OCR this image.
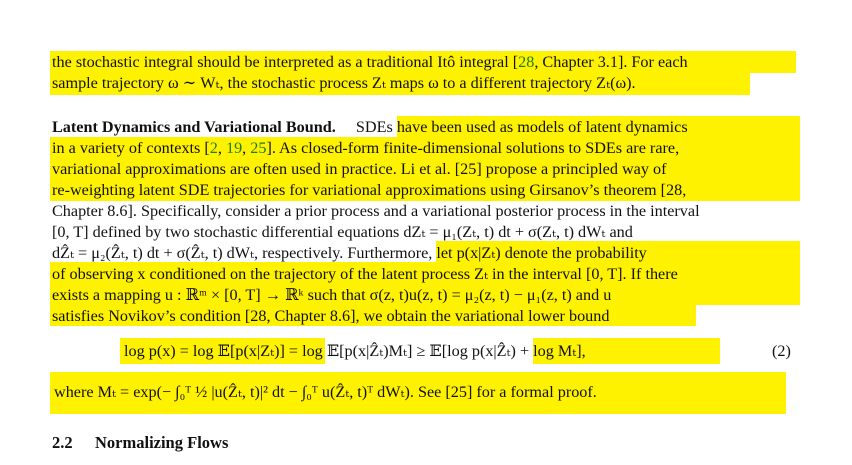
the stochastic integral should be interpreted as a traditional Itô integral [28, Chapter 3.1]. For each
sample trajectory ω ∼ Wₜ, the stochastic process Zₜ maps ω to a different trajectory Zₜ(ω).
Latent Dynamics and Variational Bound. SDEs have been used as models of latent dynamics
in a variety of contexts [2, 19, 25]. As closed-form finite-dimensional solutions to SDEs are rare,
variational approximations are often used in practice. Li et al. [25] propose a principled way of
re-weighting latent SDE trajectories for variational approximations using Girsanov’s theorem [28,
Chapter 8.6]. Specifically, consider a prior process and a variational posterior process in the interval
[0, T] defined by two stochastic differential equations dZₜ = μ₁(Zₜ, t) dt + σ(Zₜ, t) dWₜ and
dẐₜ = μ₂(Ẑₜ, t) dt + σ(Ẑₜ, t) dWₜ, respectively. Furthermore, let p(x|Zₜ) denote the probability
of observing x conditioned on the trajectory of the latent process Zₜ in the interval [0, T]. If there
exists a mapping u : ℝᵐ × [0, T] → ℝᵏ such that σ(z, t)u(z, t) = μ₂(z, t) − μ₁(z, t) and u
satisfies Novikov’s condition [28, Chapter 8.6], we obtain the variational lower bound
log p(x) = log 𝔼[p(x|Zₜ)] = log 𝔼[p(x|Ẑₜ)Mₜ] ≥ 𝔼[log p(x|Ẑₜ) + log Mₜ],	(2)
where Mₜ = exp(− ∫₀ᵀ ½ |u(Ẑₜ, t)|² dt − ∫₀ᵀ u(Ẑₜ, t)ᵀ dWₜ). See [25] for a formal proof.
2.2 Normalizing Flows
